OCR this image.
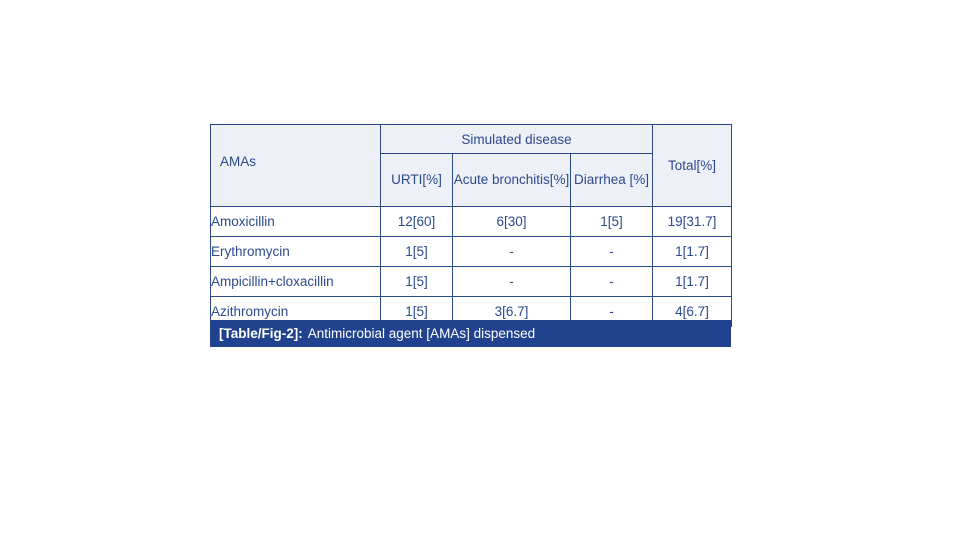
AMAs	Simulated disease			Total[%]
	URTI[%]	Acute bronchitis[%]	Diarrhea [%]	
Amoxicillin	12[60]	6[30]	1[5]	19[31.7]
Erythromycin	1[5]	-	-	1[1.7]
Ampicillin+cloxacillin	1[5]	-	-	1[1.7]
Azithromycin	1[5]	3[6.7]	-	4[6.7]
[Table/Fig-2]: Antimicrobial agent [AMAs] dispensed
